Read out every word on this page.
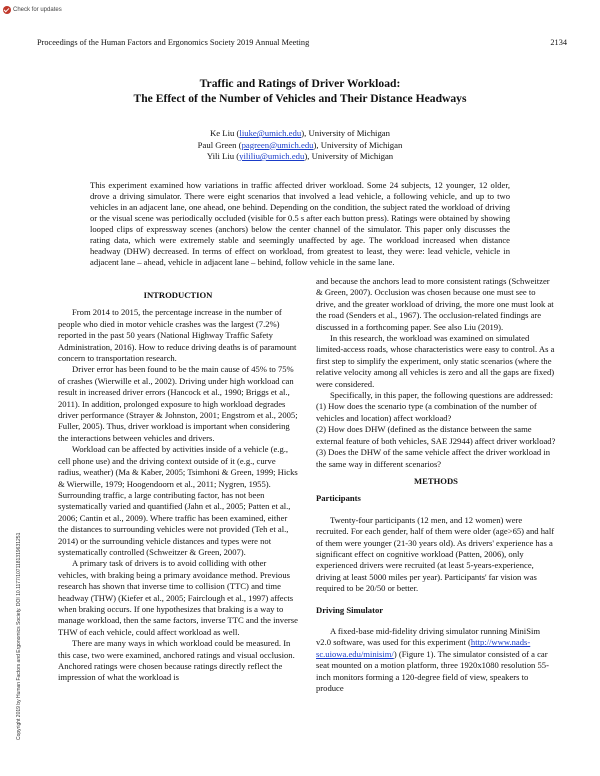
Check for updates
Proceedings of the Human Factors and Ergonomics Society 2019 Annual Meeting	2134
Traffic and Ratings of Driver Workload:
The Effect of the Number of Vehicles and Their Distance Headways
Ke Liu (liuke@umich.edu), University of Michigan
Paul Green (pagreen@umich.edu), University of Michigan
Yili Liu (yililiu@umich.edu), University of Michigan
This experiment examined how variations in traffic affected driver workload. Some 24 subjects, 12 younger, 12 older, drove a driving simulator. There were eight scenarios that involved a lead vehicle, a following vehicle, and up to two vehicles in an adjacent lane, one ahead, one behind. Depending on the condition, the subject rated the workload of driving or the visual scene was periodically occluded (visible for 0.5 s after each button press). Ratings were obtained by showing looped clips of expressway scenes (anchors) below the center channel of the simulator. This paper only discusses the rating data, which were extremely stable and seemingly unaffected by age. The workload increased when distance headway (DHW) decreased. In terms of effect on workload, from greatest to least, they were: lead vehicle, vehicle in adjacent lane – ahead, vehicle in adjacent lane – behind, follow vehicle in the same lane.
INTRODUCTION

From 2014 to 2015, the percentage increase in the number of people who died in motor vehicle crashes was the largest (7.2%) reported in the past 50 years (National Highway Traffic Safety Administration, 2016). How to reduce driving deaths is of paramount concern to transportation research.

Driver error has been found to be the main cause of 45% to 75% of crashes (Wierwille et al., 2002). Driving under high workload can result in increased driver errors (Hancock et al., 1990; Briggs et al., 2011). In addition, prolonged exposure to high workload degrades driver performance (Strayer & Johnston, 2001; Engstrom et al., 2005; Fuller, 2005). Thus, driver workload is important when considering the interactions between vehicles and drivers.

Workload can be affected by activities inside of a vehicle (e.g., cell phone use) and the driving context outside of it (e.g., curve radius, weather) (Ma & Kaber, 2005; Tsimhoni & Green, 1999; Hicks & Wierwille, 1979; Hoogendoorn et al., 2011; Nygren, 1955). Surrounding traffic, a large contributing factor, has not been systematically varied and quantified (Jahn et al., 2005; Patten et al., 2006; Cantin et al., 2009). Where traffic has been examined, either the distances to surrounding vehicles were not provided (Teh et al., 2014) or the surrounding vehicle distances and types were not systematically controlled (Schweitzer & Green, 2007).

A primary task of drivers is to avoid colliding with other vehicles, with braking being a primary avoidance method. Previous research has shown that inverse time to collision (TTC) and time headway (THW) (Kiefer et al., 2005; Fairclough et al., 1997) affects when braking occurs. If one hypothesizes that braking is a way to manage workload, then the same factors, inverse TTC and the inverse THW of each vehicle, could affect workload as well.

There are many ways in which workload could be measured. In this case, two were examined, anchored ratings and visual occlusion. Anchored ratings were chosen because ratings directly reflect the impression of what the workload is

and because the anchors lead to more consistent ratings (Schweitzer & Green, 2007). Occlusion was chosen because one must see to drive, and the greater workload of driving, the more one must look at the road (Senders et al., 1967). The occlusion-related findings are discussed in a forthcoming paper. See also Liu (2019).

In this research, the workload was examined on simulated limited-access roads, whose characteristics were easy to control. As a first step to simplify the experiment, only static scenarios (where the relative velocity among all vehicles is zero and all the gaps are fixed) were considered.

Specifically, in this paper, the following questions are addressed: (1) How does the scenario type (a combination of the number of vehicles and location) affect workload?

(2) How does DHW (defined as the distance between the same external feature of both vehicles, SAE J2944) affect driver workload? (3) Does the DHW of the same vehicle affect the driver workload in the same way in different scenarios?

METHODS
Participants

Twenty-four participants (12 men, and 12 women) were recruited. For each gender, half of them were older (age>65) and half of them were younger (21-30 years old). As drivers' experience has a significant effect on cognitive workload (Patten, 2006), only experienced drivers were recruited (at least 5-years-experience, driving at least 5000 miles per year). Participants' far vision was required to be 20/50 or better.

Driving Simulator

A fixed-base mid-fidelity driving simulator running MiniSim v2.0 software, was used for this experiment (http://www.nads-sc.uiowa.edu/minisim/) (Figure 1). The simulator consisted of a car seat mounted on a motion platform, three 1920x1080 resolution 55-inch monitors forming a 120-degree field of view, speakers to produce

Copyright 2019 by Human Factors and Ergonomics Society. DOI 10.1177/1071181319631251
